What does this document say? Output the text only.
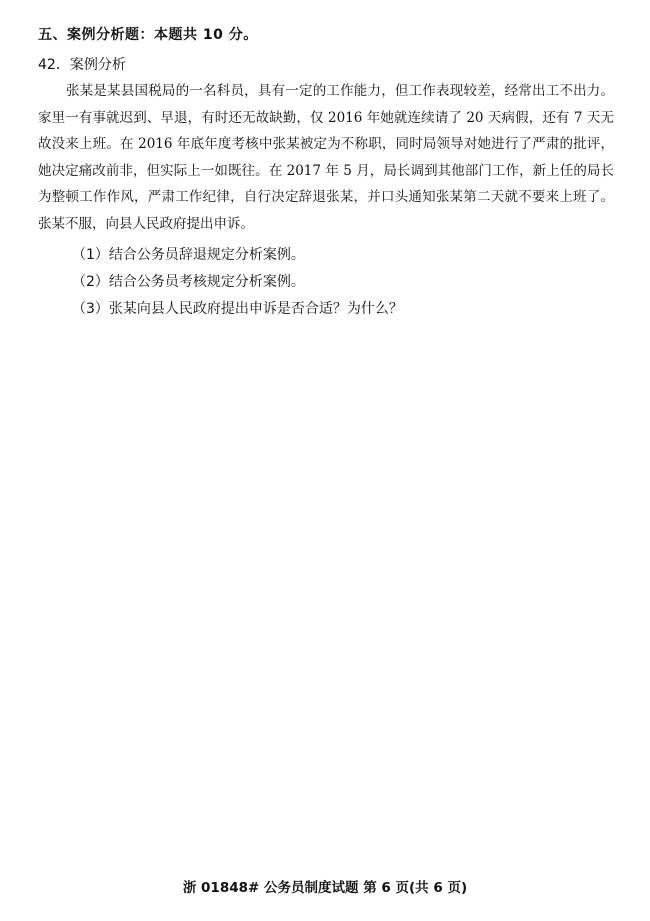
五、案例分析题：本题共 10 分。
42．案例分析

张某是某县国税局的一名科员，具有一定的工作能力，但工作表现较差，经常出工不出力。家里一有事就迟到、早退，有时还无故缺勤，仅 2016 年她就连续请了 20 天病假，还有 7 天无故没来上班。在 2016 年底年度考核中张某被定为不称职，同时局领导对她进行了严肃的批评，她决定痛改前非，但实际上一如既往。在 2017 年 5 月，局长调到其他部门工作，新上任的局长为整顿工作作风，严肃工作纪律，自行决定辞退张某，并口头通知张某第二天就不要来上班了。张某不服，向县人民政府提出申诉。

（1）结合公务员辞退规定分析案例。
（2）结合公务员考核规定分析案例。
（3）张某向县人民政府提出申诉是否合适？为什么？
浙 01848# 公务员制度试题 第 6 页(共 6 页)
